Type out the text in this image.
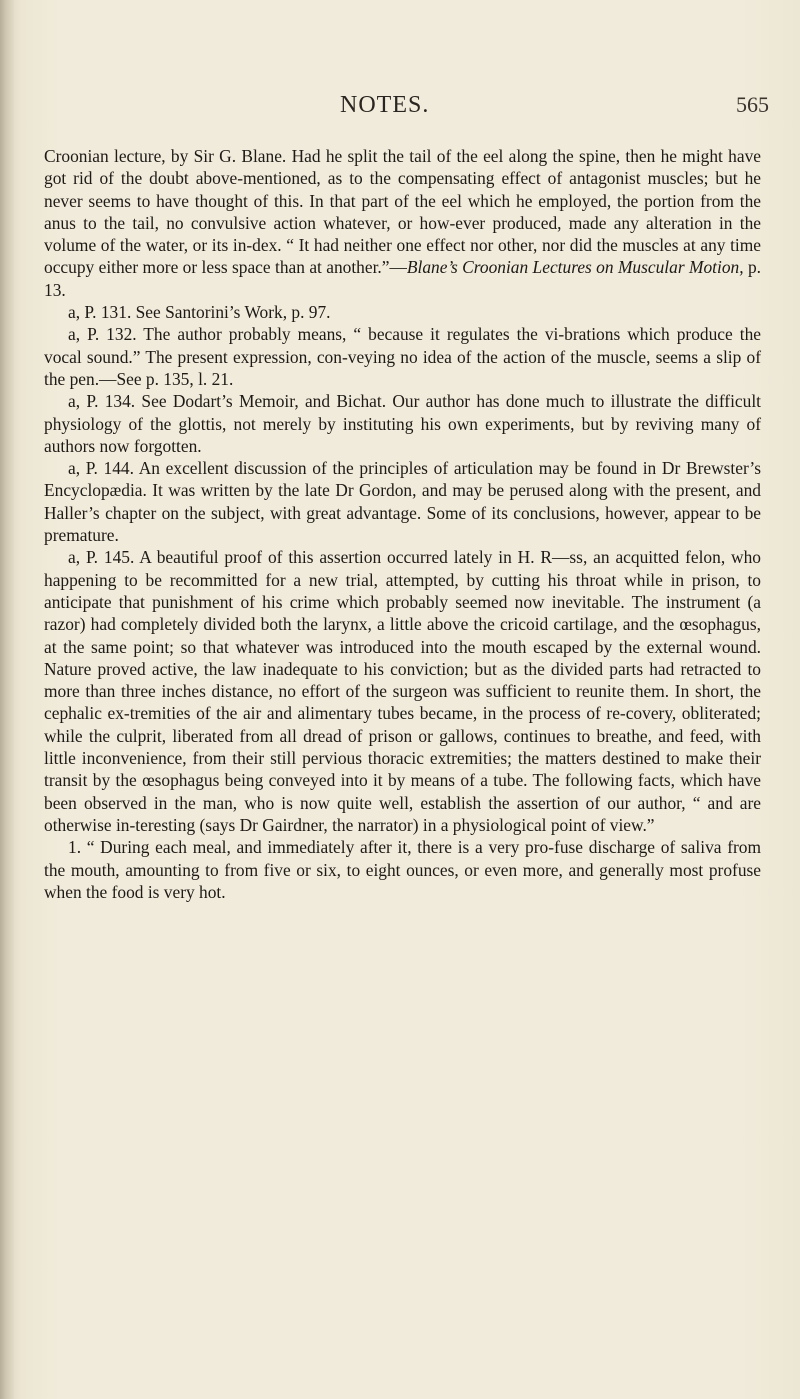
NOTES.	565

Croonian lecture, by Sir G. Blane. Had he split the tail of the eel along the spine, then he might have got rid of the doubt above-mentioned, as to the compensating effect of antagonist muscles; but he never seems to have thought of this. In that part of the eel which he employed, the portion from the anus to the tail, no convulsive action whatever, or how-ever produced, made any alteration in the volume of the water, or its in-dex. “ It had neither one effect nor other, nor did the muscles at any time occupy either more or less space than at another.”—Blane’s Croonian Lectures on Muscular Motion, p. 13.

a, P. 131. See Santorini’s Work, p. 97.

a, P. 132. The author probably means, “ because it regulates the vi-brations which produce the vocal sound.” The present expression, con-veying no idea of the action of the muscle, seems a slip of the pen.—See p. 135, l. 21.

a, P. 134. See Dodart’s Memoir, and Bichat. Our author has done much to illustrate the difficult physiology of the glottis, not merely by instituting his own experiments, but by reviving many of authors now forgotten.

a, P. 144. An excellent discussion of the principles of articulation may be found in Dr Brewster’s Encyclopædia. It was written by the late Dr Gordon, and may be perused along with the present, and Haller’s chapter on the subject, with great advantage. Some of its conclusions, however, appear to be premature.

a, P. 145. A beautiful proof of this assertion occurred lately in H. R—ss, an acquitted felon, who happening to be recommitted for a new trial, attempted, by cutting his throat while in prison, to anticipate that punishment of his crime which probably seemed now inevitable. The instrument (a razor) had completely divided both the larynx, a little above the cricoid cartilage, and the œsophagus, at the same point; so that whatever was introduced into the mouth escaped by the external wound. Nature proved active, the law inadequate to his conviction; but as the divided parts had retracted to more than three inches distance, no effort of the surgeon was sufficient to reunite them. In short, the cephalic ex-tremities of the air and alimentary tubes became, in the process of re-covery, obliterated; while the culprit, liberated from all dread of prison or gallows, continues to breathe, and feed, with little inconvenience, from their still pervious thoracic extremities; the matters destined to make their transit by the œsophagus being conveyed into it by means of a tube. The following facts, which have been observed in the man, who is now quite well, establish the assertion of our author, “ and are otherwise in-teresting (says Dr Gairdner, the narrator) in a physiological point of view.”

1. “ During each meal, and immediately after it, there is a very pro-fuse discharge of saliva from the mouth, amounting to from five or six, to eight ounces, or even more, and generally most profuse when the food is very hot.
